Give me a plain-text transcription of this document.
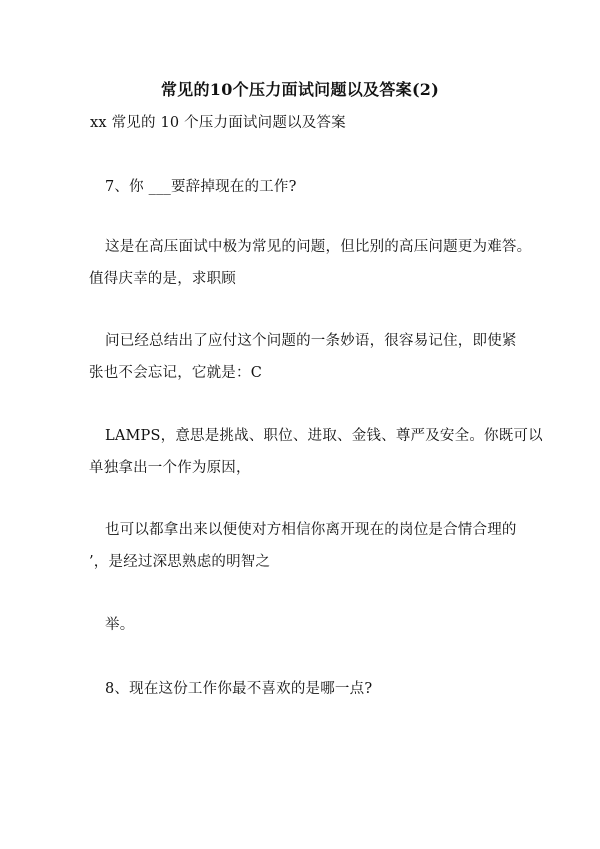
常见的10个压力面试问题以及答案(2)
xx 常见的 10 个压力面试问题以及答案
7、你 ___要辞掉现在的工作?
这是在高压面试中极为常见的问题，但比别的高压问题更为难答。
值得庆幸的是，求职顾
问已经总结出了应付这个问题的一条妙语，很容易记住，即使紧
张也不会忘记，它就是：C
LAMPS，意思是挑战、职位、进取、金钱、尊严及安全。你既可以
单独拿出一个作为原因，
也可以都拿出来以便使对方相信你离开现在的岗位是合情合理的
’，是经过深思熟虑的明智之
举。
8、现在这份工作你最不喜欢的是哪一点?
